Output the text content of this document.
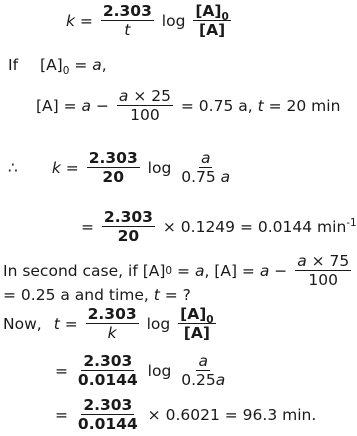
$k = \frac{2.303}{t}$ $\log \frac{[A]_0}{[A]}$
If $[A]_0 = a$ ,
$[A] = a - \frac{a \times 25}{100} = 0.75$ a, t = 20 min
∴ $k = \frac{2.303}{20}$ $\log \frac{a}{0.75 a}$
= $\frac{2.303}{20} \times 0.1249 = 0.0144$ $\min^{-1}$
In second case, if [A] 0 = a , $[A] = a - \frac{a \times 75}{100}$
= 0.25 a and time, t = ?
Now, $t = \frac{2.303}{k}$ $\log \frac{[A]_0}{[A]}$
= $\frac{2.303}{0.0144}$ $\log \frac{a}{0.25a}$
= $\frac{2.303}{0.0144} \times 0.6021 = 96.3$ min.
